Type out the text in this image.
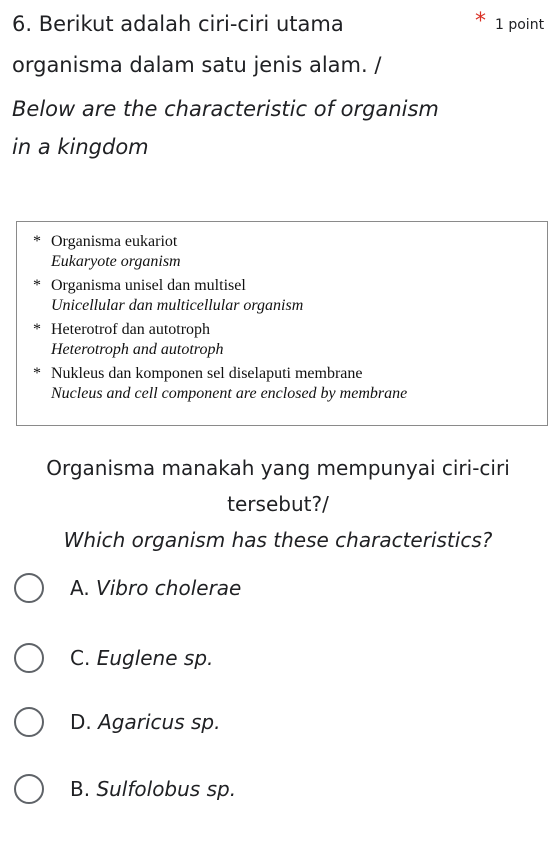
6. Berikut adalah ciri-ciri utama	* 1 point
organisma dalam satu jenis alam. /
Below are the characteristic of organism
in a kingdom
* Organisma eukariot
Eukaryote organism
* Organisma unisel dan multisel
Unicellular dan multicellular organism
* Heterotrof dan autotroph
Heterotroph and autotroph
* Nukleus dan komponen sel diselaputi membrane
Nucleus and cell component are enclosed by membrane
Organisma manakah yang mempunyai ciri-ciri
tersebut?/
Which organism has these characteristics?
A. Vibro cholerae
C. Euglene sp.
D. Agaricus sp.
B. Sulfolobus sp.
